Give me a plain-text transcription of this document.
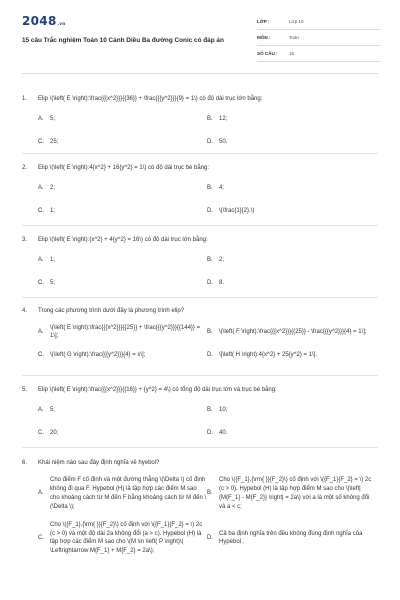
2048.vn
15 câu Trắc nghiệm Toán 10 Cánh Diều Ba đường Conic có đáp án
LỚP :	Lớp 10
MÔN :	Toán
SỐ CÂU :	15
1.	Elip \(\left( E \right):\frac{{{x^2}}}{{36}} + \frac{{{y^2}}}{9} = 1\) có độ dài trục lớn bằng:
A.	5;	B.	12;
C.	25;	D.	50.
2.	Elip \(\left( E \right):4{x^2} + 16{y^2} = 1\) có độ dài trục bé bằng:
A.	2;	B.	4;
C.	1;	D.	\(\frac{1}{2}.\)
3.	Elip \(\left( E \right):{x^2} + 4{y^2} = 16\) có độ dài trục lớn bằng:
A.	1;	B.	2;
C.	5;	D.	8.
4.	Trong các phương trình dưới đây là phương trình elip?
A.
\(\left( E \right):\frac{{{x^2}}}{{25}} + \frac{{{y^2}}}{{144}} = 1\];
B.	\(\left( F \right):\frac{{{x^2}}}{{25}} - \frac{{{y^2}}}{4} = 1\];
C.	\(\left( G \right):\frac{{{y^2}}}{4} = x\];	D.	\[\left( H \right):4{x^2} + 25{y^2} = 1\].
5.	Elip \(\left( E \right):\frac{{{x^2}}}{{16}} + {y^2} = 4\) có tổng độ dài trục lớn và trục bé bằng:
A.	5;	B.	10;
C.	20;	D.	40.
6.	Khái niệm nào sau đây định nghĩa về hyebol?
A.
Cho điểm F cố định và một đường thẳng \(\Delta \) cố định không đi qua F. Hypebol (H) là tập hợp các điểm M sao cho khoảng cách từ M đến F bằng khoảng cách từ M đến \(\Delta \);
B.
Cho \({F_1},{\rm{ }}{F_2}\) cố định với \({F_1}{F_2} = \) 2c (c > 0). Hypebol (H) là tập hợp điểm M sao cho \(\left| {M{F_1} - M{F_2}} \right| = 2a\) với a là một số không đổi và a < c;
C.
Cho \({F_1},{\rm{ }}{F_2}\) cố định với \({F_1}{F_2} = \) 2c (c > 0) và một độ dài 2a không đổi (a > c). Hypebol (H) là tập hợp các điểm M sao cho \(M \in \left( P \right)\( \Leftrightarrow M{F_1} + M{F_2} = 2a\);
D.
Cả ba định nghĩa trên đều không đúng định nghĩa của Hypebol .
